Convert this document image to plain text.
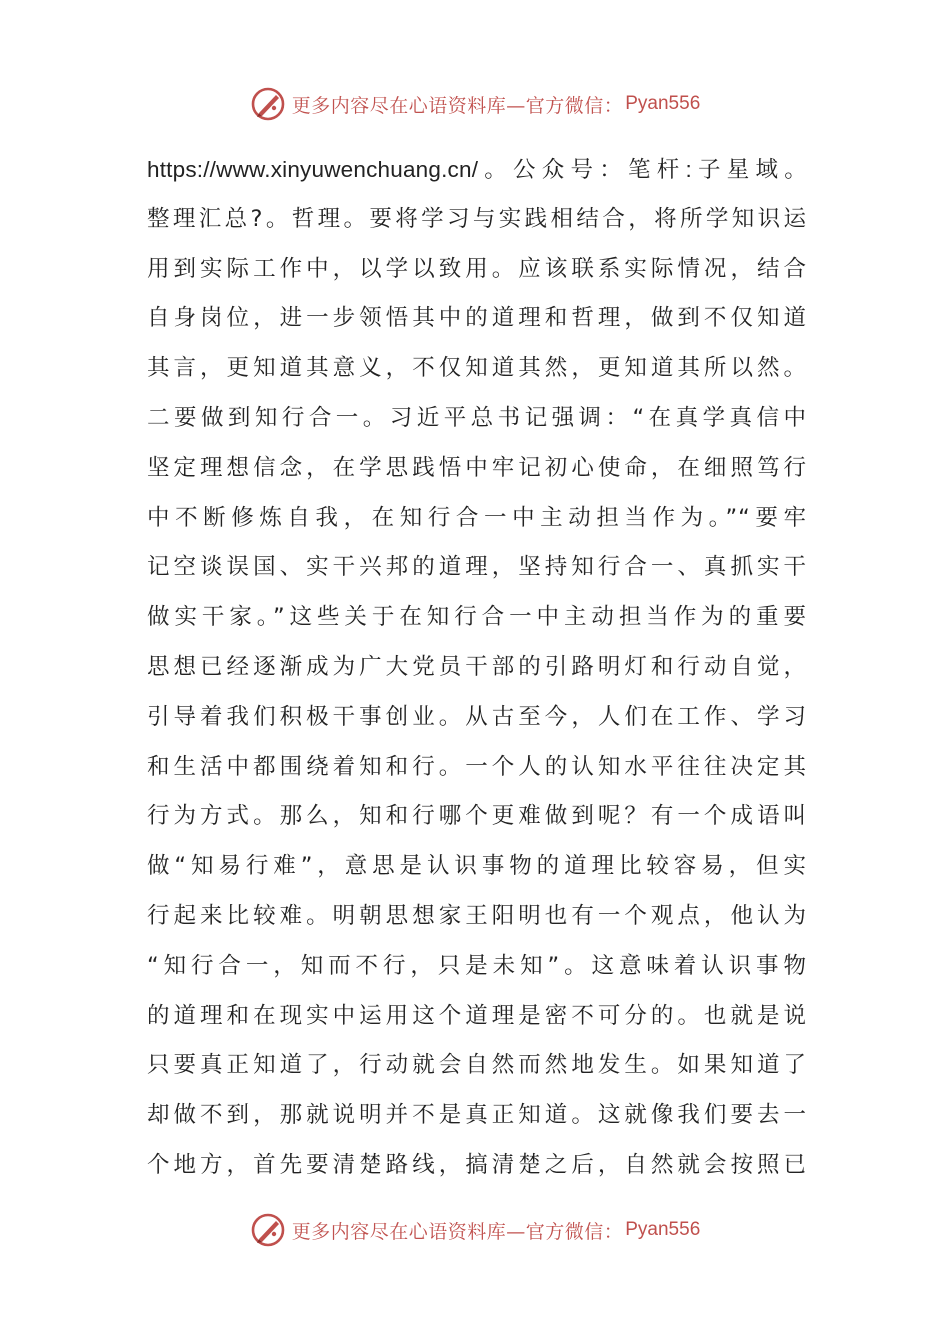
更多内容尽在心语资料库—官方微信： Pyan556
https://www.xinyuwenchuang.cn/。公众号：笔杆:子星域。
整理汇总?。哲理。要将学习与实践相结合，将所学知识运
用到实际工作中，以学以致用。应该联系实际情况，结合
自身岗位，进一步领悟其中的道理和哲理，做到不仅知道
其言，更知道其意义，不仅知道其然，更知道其所以然。
二要做到知行合一。习近平总书记强调：“在真学真信中
坚定理想信念，在学思践悟中牢记初心使命，在细照笃行
中不断修炼自我，在知行合一中主动担当作为。”“要牢
记空谈误国、实干兴邦的道理，坚持知行合一、真抓实干
做实干家。”这些关于在知行合一中主动担当作为的重要
思想已经逐渐成为广大党员干部的引路明灯和行动自觉，
引导着我们积极干事创业。从古至今，人们在工作、学习
和生活中都围绕着知和行。一个人的认知水平往往决定其
行为方式。那么，知和行哪个更难做到呢？有一个成语叫
做“知易行难”，意思是认识事物的道理比较容易，但实
行起来比较难。明朝思想家王阳明也有一个观点，他认为
“知行合一，知而不行，只是未知”。这意味着认识事物
的道理和在现实中运用这个道理是密不可分的。也就是说
只要真正知道了，行动就会自然而然地发生。如果知道了
却做不到，那就说明并不是真正知道。这就像我们要去一
个地方，首先要清楚路线，搞清楚之后，自然就会按照已
更多内容尽在心语资料库—官方微信： Pyan556
